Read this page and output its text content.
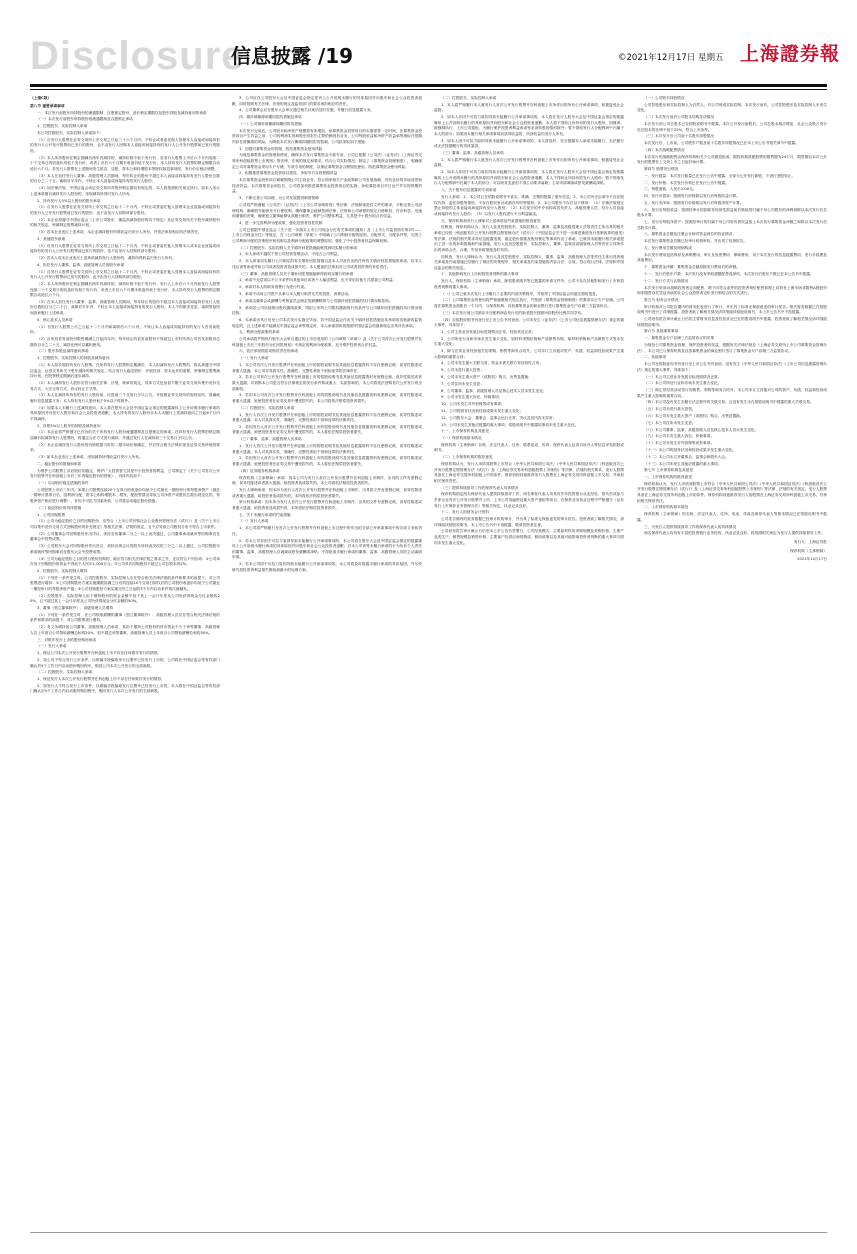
Disclosure
信息披露 /19	©2021年12月17日 星期五 上海證券報

（上接C版）

第八节 重要承诺事项

一、本次发行前股东所持股份的流通限制、自愿锁定股份、延长锁定期限以及股东持股及减持意向等承诺

（一）本次发行前股东所持股份的流通限制及自愿锁定承诺

1、控股股东、实际控制人承诺

本公司控股股东、实际控制人承诺如下：

（1）自发行人股票在证券交易所上市交易之日起三十六个月内，不转让或者委托他人管理本人直接或间接持有的发行人公开发行股票前已发行的股份，也不由发行人回购本人直接或间接持有的发行人公开发行股票前已发行的股份。

（2）本人所持股份在锁定期满后两年内减持的，减持价格不低于发行价；若发行人股票上市后六个月内连续二十个交易日的收盘价均低于发行价，或者上市后六个月期末收盘价低于发行价，本人持有发行人股票的锁定期限自动延长六个月。若发行人股票在上述期间发生派息、送股、资本公积转增股本等除权除息事项的，发行价应相应调整。

（3）本人在担任发行人董事、高级管理人员期间，每年转让的股份不超过本人直接或间接持有发行人股份总数的百分之二十五；离职后半年内，不转让本人直接或间接持有的发行人股份。

（4）如法律法规、中国证监会或证券交易所对股份锁定期另有规定的，本人将按照相关规定执行。如本人违反上述承诺擅自减持发行人股份的，违规减持所得归发行人所有。

2、持有发行人5%以上股份的股东承诺

（1）自发行人股票在证券交易所上市交易之日起十二个月内，不转让或者委托他人管理本企业直接或间接持有的发行人公开发行股票前已发行的股份，也不由发行人回购该部分股份。

（2）本企业将遵守中国证监会《上市公司股东、董监高减持股份的若干规定》及证券交易所关于股东减持股份的相关规定，审慎制定股票减持计划。

（3）若本企业违反上述承诺，本企业减持股份所得收益归发行人所有，并依法承担相应的法律责任。

3、其他股东承诺

（1）自发行人股票在证券交易所上市交易之日起十二个月内，不转让或者委托他人管理本人或本企业直接或间接持有的发行人公开发行股票前已发行的股份，也不由发行人回购该部分股份。

（2）若本人或本企业违反上述承诺减持发行人股份的，减持所得收益归发行人所有。

4、担任发行人董事、监事、高级管理人员的股东承诺

（1）自发行人股票在证券交易所上市交易之日起十二个月内，不转让或者委托他人管理本人直接或间接持有的发行人公开发行股票前已发行的股份，也不由发行人回购该部分股份。

（2）本人所持股份在锁定期满后两年内减持的，减持价格不低于发行价；发行人上市后六个月内如发行人股票连续二十个交易日的收盘价均低于发行价，或者上市后六个月期末收盘价低于发行价，本人持有发行人股票的锁定期限自动延长六个月。

（3）在本人担任发行人董事、监事、高级管理人员期间，每年转让的股份不超过本人直接或间接持有发行人股份总数的百分之二十五；离职后半年内，不转让本人直接或间接持有的发行人股份。本人不因职务变更、离职等原因而放弃履行上述承诺。

5、核心技术人员承诺

（1）自发行人股票上市之日起十二个月内和离职后六个月内，不转让本人直接或间接持有的发行人首发前股份。

（2）自所持首发前股份限售期满之日起四年内，每年转让的首发前股份不得超过上市时所持公司首发前股份总数的百分之二十五，减持比例可以累积使用。

（二）股东持股及减持意向承诺

1、控股股东、实际控制人的持股及减持意向

（1）本人拟长期持有发行人股票。在所持发行人股票锁定期满后，本人拟减持发行人股票的，将认真遵守中国证监会、证券交易所关于股东减持的相关规定，结合发行人稳定股价、开展经营、资本运作的需要，审慎制定股票减持计划，在股票锁定期满后逐步减持。

（2）本人减持发行人股份应符合相关法律、法规、规章的规定，具体方式包括但不限于证券交易所集中竞价交易方式、大宗交易方式、协议转让方式等。

（3）本人在减持所持有的发行人股份前，应提前三个交易日予以公告，并按照证券交易所的规则及时、准确地履行信息披露义务；本人持有发行人股份低于5%以下时除外。

（4）如果本人未履行上述减持意向，本人将在股东大会及中国证监会指定的披露媒体上公开说明未履行承诺的具体原因并向发行人股东和社会公众投资者道歉；本人持有的发行人股份自本人未履行上述减持意向之日起6个月内不得减持。

2、持股5%以上股东的持股及减持意向

（1）本企业将严格遵守已作出的关于所持发行人股份流通限制及自愿锁定的承诺，在持有发行人股票的锁定期届满后拟减持发行人股票的，将通过合法方式进行减持，并通过发行人在减持前三个交易日予以公告。

（2）本企业减持发行人股份的价格根据当时的二级市场价格确定，并应符合相关法律法规及证券交易所规则要求。

（3）如本企业违反上述承诺，违规减持所得收益归发行人所有。

二、稳定股价的措施和承诺

为维护公司股票上市后股价的稳定，保护广大投资者尤其是中小投资者的利益，公司制定了《关于公司首次公开发行股票并在科创板上市后三年内稳定股价的预案》，具体内容如下：

（一）启动股价稳定措施的条件

公司股票上市后三年内，如果公司股票连续20个交易日的收盘价均低于公司最近一期经审计的每股净资产（最近一期审计基准日后，因利润分配、资本公积转增股本、增发、配股等情况导致公司净资产或股份总数出现变化的，每股净资产相应进行调整），非因不可抗力因素所致，公司将启动稳定股价措施。

（二）稳定股价的具体措施

1、公司回购股票

（1）公司为稳定股价之目的回购股份，应符合《上市公司回购社会公众股份管理办法（试行）》及《关于上市公司以集中竞价交易方式回购股份的补充规定》等相关法律、法规的规定，且不应导致公司股权分布不符合上市条件。

（2）公司董事会对回购股份作出决议，须经全体董事二分之一以上表决通过，公司董事承诺就该等回购事宜在董事会中投赞成票。

（3）公司股东大会对回购股份作出决议，须经出席会议的股东所持表决权的三分之二以上通过，公司控股股东承诺就该等回购事宜在股东大会中投赞成票。

（4）公司为稳定股价之目的进行股份回购的，除应符合相关法律法规之要求之外，还应符合下列各项：①公司单次用于回购股份的资金不得低于人民币1,000万元；②公司单次回购股份不超过公司总股本的2%。

2、控股股东、实际控制人增持

（1）下列任一条件发生时，公司控股股东、实际控制人应在符合相关法律法规的条件和要求的前提下，对公司股票进行增持：①公司回购股份方案实施期限届满之日后的连续10个交易日除权后的公司股份收盘价均低于公司最近一期经审计的每股净资产值；②公司回购股份方案实施完毕之日起的3个月内启动条件再次被触发。

（2）控股股东、实际控制人用于增持股份的资金金额不低于其上一会计年度从公司所获得现金分红金额的20%，且不超过其上一会计年度从公司所获得现金分红金额的50%。

3、董事（独立董事除外）、高级管理人员增持

（1）下列任一条件发生时，在公司领取薪酬的董事（独立董事除外）、高级管理人员应在符合相关法律法规的条件和要求的前提下，对公司股票进行增持。

（2）有义务增持的公司董事、高级管理人员承诺，其用于增持公司股份的货币资金不少于该等董事、高级管理人员上年度自公司领取薪酬总和的20%，但不超过该等董事、高级管理人员上年度自公司领取薪酬总和的50%。

三、对欺诈发行上市的股份购回承诺

（一）发行人承诺

1、保证公司本次公开发行股票并在科创板上市不存在任何欺诈发行的情形。

2、如公司不符合发行上市条件，以欺骗手段骗取发行注册并已经发行上市的，公司将在中国证监会等有权部门确认后5个工作日内启动股份购回程序，购回公司本次公开发行的全部新股。

（二）控股股东、实际控制人承诺

1、保证发行人本次公开发行股票并在科创板上市不存在任何欺诈发行的情形。

2、如发行人不符合发行上市条件，以欺骗手段骗取发行注册并已经发行上市的，本人将在中国证监会等有权部门确认后5个工作日内启动股份购回程序，购回发行人本次公开发行的全部新股。

3、公司应在公司股东大会及中国证监会指定报刊上公开说明未履行的具体原因并向股东和社会公众投资者道歉，同时按照有关法律、法规的规定及监管部门的要求承担相应的责任。

4、公司董事会应在股东大会审议通过相关议案后及时实施，并履行信息披露义务。

四、填补被摊薄即期回报的措施及承诺

（一）公司填补被摊薄即期回报的措施

本次发行完成后，公司股本和净资产规模将有所增加，而募集资金投资项目的实施需要一定时间，在募集资金投资项目产生效益之前，公司的利润实现和股东回报仍主要依赖现有业务，公司每股收益和净资产收益率等指标在短期内存在被摊薄的风险。为降低本次发行摊薄即期回报的影响，公司拟采取如下措施：

1、加强对募集资金的管理，防范募集资金使用风险

为规范募集资金的管理和使用，确保本次发行募集资金专款专用，公司已根据《公司法》《证券法》《上海证券交易所科创板股票上市规则》等法律、法规的规定和要求，结合公司实际情况，制定了《募集资金管理制度》，明确规定公司对募集资金采用专户专储、专款专用的制度，以保证募集资金合理规范使用，防范募集资金使用风险。

2、积极推进募集资金投资项目建设，争取早日实现预期效益

本次募集资金投资项目紧紧围绕公司主营业务，符合国家相关产业政策和公司发展战略，具有良好的市场前景和经济效益。本次募集资金到位后，公司将加快推进募集资金投资项目的实施，争取募投项目早日达产并实现预期效益。

3、不断完善公司治理，为公司发展提供制度保障

公司将严格遵循《公司法》《证券法》《上市公司治理准则》等法律、法规和规范性文件的要求，不断完善公司治理结构，确保股东能够充分行使权利，确保董事会能够按照法律、法规和公司章程的规定行使职权、作出科学、迅速和谨慎的决策，确保独立董事能够认真履行职责，维护公司整体利益，尤其是中小股东的合法权益。

4、进一步完善利润分配政策，强化投资者回报机制

公司已根据中国证监会《关于进一步落实上市公司现金分红有关事项的通知》及《上市公司监管指引第3号——上市公司现金分红》等规定，在《公司章程（草案）》中明确了公司利润分配的原则、分配形式、分配条件等，完善了公司利润分配的决策程序和机制以及利润分配政策的调整原则，强化了中小投资者权益保障机制。

（二）控股股东、实际控制人关于填补回报措施能够得到切实履行的承诺

1、本人承诺不越权干预公司经营管理活动，不侵占公司利益。

2、本人承诺切实履行公司制定的有关填补回报措施以及本人对此作出的任何有关填补回报措施的承诺，若本人违反该等承诺并给公司或者投资者造成损失的，本人愿意依法承担对公司或者投资者的补偿责任。

（三）董事、高级管理人员关于填补回报措施能够得到切实履行的承诺

1、承诺不无偿或以不公平条件向其他单位或者个人输送利益，也不采用其他方式损害公司利益。

2、承诺对本人的职务消费行为进行约束。

3、承诺不动用公司资产从事与本人履行职责无关的投资、消费活动。

4、承诺由董事会或薪酬与考核委员会制定的薪酬制度与公司填补回报措施的执行情况相挂钩。

5、承诺若公司后续推出股权激励政策，则拟公布的公司股权激励的行权条件与公司填补回报措施的执行情况相挂钩。

6、本承诺出具日后至公司本次发行实施完毕前，若中国证监会作出关于填补回报措施及其承诺的其他新的监管规定的，且上述承诺不能满足中国证监会该等规定时，本人承诺届时将按照中国证监会的最新规定出具补充承诺。

五、利润分配政策的承诺

公司承诺将严格执行股东大会审议通过的上市后适用的《公司章程（草案）》及《关于公司首次公开发行股票并在科创板上市后三年股东分红回报规划》中规定的利润分配政策，充分维护投资者合法权益。

六、依法承担赔偿或赔偿责任的承诺

（一）发行人承诺

1、本公司首次公开发行股票并在科创板上市的招股说明书及其他信息披露资料不存在虚假记载、误导性陈述或者重大遗漏，本公司对其真实性、准确性、完整性承担个别和连带的法律责任。

2、若本公司首次公开发行股票并在科创板上市的招股说明书及其他信息披露资料有虚假记载、误导性陈述或者重大遗漏，对判断本公司是否符合法律规定的发行条件构成重大、实质影响的，本公司将依法回购首次公开发行的全部新股。

3、若因本公司首次公开发行股票并在科创板上市的招股说明书及其他信息披露资料有虚假记载、误导性陈述或者重大遗漏，致使投资者在证券交易中遭受损失的，本公司将依法赔偿投资者损失。

（二）控股股东、实际控制人承诺

1、发行人首次公开发行股票并在科创板上市的招股说明书及其他信息披露资料不存在虚假记载、误导性陈述或者重大遗漏，本人对其真实性、准确性、完整性承担个别和连带的法律责任。

2、若因发行人首次公开发行股票并在科创板上市的招股说明书及其他信息披露资料有虚假记载、误导性陈述或者重大遗漏，致使投资者在证券交易中遭受损失的，本人将依法赔偿投资者损失。

（三）董事、监事、高级管理人员承诺

1、发行人首次公开发行股票并在科创板上市的招股说明书及其他信息披露资料不存在虚假记载、误导性陈述或者重大遗漏，本人对其真实性、准确性、完整性承担个别和连带的法律责任。

2、若因发行人首次公开发行股票并在科创板上市的招股说明书及其他信息披露资料有虚假记载、误导性陈述或者重大遗漏，致使投资者在证券交易中遭受损失的，本人将依法赔偿投资者损失。

（四）证券服务机构承诺

保荐机构（主承销商）承诺：因本公司为发行人首次公开发行股票并在科创板上市制作、出具的文件有虚假记载、误导性陈述或者重大遗漏，给投资者造成损失的，本公司将依法赔偿投资者损失。

发行人律师承诺：因本所为发行人首次公开发行股票并在科创板上市制作、出具的文件有虚假记载、误导性陈述或者重大遗漏，给投资者造成损失的，本所将依法赔偿投资者损失。

审计机构承诺：因本所为发行人首次公开发行股票并在科创板上市制作、出具的文件有虚假记载、误导性陈述或者重大遗漏，给投资者造成损失的，本所将依法赔偿投资者损失。

七、关于未履行承诺的约束措施

（一）发行人承诺

1、本公司将严格履行在首次公开发行股票并在科创板上市过程中所作出的全部公开承诺事项中的各项义务和责任。

2、若本公司非因不可抗力原因导致未能履行公开承诺事项的，本公司将在股东大会及中国证监会指定的披露媒体上公开说明未履行承诺的具体原因并向股东和社会公众投资者道歉；对本公司该等未履行承诺的行为负有个人责任的董事、监事、高级管理人员调减或停发薪酬或津贴；不得批准未履行承诺的董事、监事、高级管理人员的主动离职申请。

3、若本公司因不可抗力原因导致未能履行公开承诺事项的，本公司将及时披露未履行承诺的具体原因，并尽快研究将投资者利益损失降低到最小的处理方案。

（二）控股股东、实际控制人承诺

1、本人将严格履行本人就发行人首次公开发行股票并在科创板上市所作出的所有公开承诺事项，积极接受社会监督。

2、如本人非因不可抗力原因导致未能履行公开承诺事项的，本人将在发行人股东大会及中国证监会指定的披露媒体上公开说明未履行的具体原因并向股东和社会公众投资者道歉；本人将不得转让所持有的发行人股份，因继承、被强制执行、上市公司重组、为履行保护投资者利益承诺等必须转股的情形除外；暂不领取发行人分配利润中归属于本人的部分；如果因未履行相关承诺事项而获得收益的，所获收益归发行人所有。

3、如本人因不可抗力原因导致未能履行公开承诺事项的，本人将及时、充分披露本人承诺未能履行、无法履行或无法按期履行的具体原因。

（三）董事、监事、高级管理人员承诺

1、本人将严格履行本人就发行人首次公开发行股票并在科创板上市所作出的所有公开承诺事项，积极接受社会监督。

2、如本人非因不可抗力原因导致未能履行公开承诺事项的，本人将在发行人股东大会及中国证监会指定的披露媒体上公开说明未履行的具体原因并向股东和社会公众投资者道歉；本人不得转让所持有的发行人股份；暂不领取发行人分配利润中归属于本人的部分；可以职务变更但不得主动要求离职；主动申请调减或停发薪酬或津贴。

八、关于股东信息披露的专项承诺

发行人承诺：1、本公司已在招股说明书中真实、准确、完整的披露了股东信息；2、本公司历史沿革中不存在股权代持、委托持股等情形，不存在股权争议或潜在纠纷等情形；3、本公司股东不存在以下情形：（1）法律法规规定禁止持股的主体直接或间接持有发行人股份；（2）本次发行的中介机构或其负责人、高级管理人员、经办人员直接或间接持有发行人股份；（3）以发行人股权进行不当利益输送。

九、保荐机构和发行人律师对上述承诺及约束措施的核查意见

经核查，保荐机构认为，发行人及其控股股东、实际控制人、董事、监事及高级管理人员等责任主体出具的相关承诺已经按《科创板首次公开发行股票注册管理办法（试行）》《中国证监会关于进一步推进新股发行体制改革的意见》等法律、法规的相关要求对信息披露违规、稳定股价措施及股份锁定等事项作出了承诺，已就其未能履行相关承诺提出了进一步的补救措施和约束措施。发行人及其控股股东、实际控制人、董事、监事及高级管理人员等责任主体所作出的承诺合法、合理，失信补救措施及时有效。

经核查，发行人律师认为，发行人及其控股股东、实际控制人、董事、监事、高级管理人员等责任主体出具的相关承诺及约束措施已经履行了相应的决策程序，相关承诺及约束措施的内容合法、合规，符合现行法律、法规和中国证监会的相关规定。

十、其他影响发行上市和投资者判断的重大事项

发行人、保荐机构（主承销商）承诺，除招股说明书等已披露的申请文件外，公司不存在其他影响发行上市和投资者判断的重大事项。

（一）公司已就本次发行上市履行了必要的内部决策程序，并取得了中国证监会同意注册的批复。

（二）公司募集资金的使用将严格遵照相关规定执行，并按照《募集资金管理制度》的要求实行专户存储。公司将在募集资金到账后一个月内，与保荐机构、存放募集资金的商业银行签订募集资金专户存储三方监管协议。

（三）本次发行前公司滚存未分配利润由发行后的新老股东按照所持股份比例共同享有。

（四）自招股说明书刊登日至上市公告书刊登前，公司未发生《证券法》《上市公司信息披露管理办法》规定的重大事件，具体如下：

1、公司主营业务发展目标进展情况正常，经营状况正常；

2、公司所处行业和市场未发生重大变化，原材料采购价格和产品销售价格、原材料采购和产品销售方式等未发生重大变化；

3、除与正常业务经营相关的采购、销售等商务合同外，公司未订立其他对资产、负债、权益和经营成果产生重大影响的重要合同；

4、公司未发生重大关联交易，资金未被关联方非经营性占用；

5、公司未进行重大投资；

6、公司未发生重大资产（或股权）购买、出售及置换；

7、公司住所未发生变更；

8、公司董事、监事、高级管理人员及核心技术人员未发生变化；

9、公司未发生重大诉讼、仲裁事项；

10、公司未发生对外担保等或有事项；

11、公司的财务状况和经营成果未发生重大变化；

12、公司股东大会、董事会、监事会运行正常，决议及其内容无异常；

13、公司未发生其他应披露的重大事项，招股说明书中披露的事项未发生重大变化。

十一、上市保荐机构及其意见

（一）保荐机构基本情况

保荐机构（主承销商）名称、法定代表人、住所、联系电话、传真、保荐代表人及项目协办人等信息详见招股说明书。

（二）上市保荐机构的推荐意见

保荐机构认为，发行人申请其股票上市符合《中华人民共和国公司法》《中华人民共和国证券法》《科创板首次公开发行股票注册管理办法（试行）》及《上海证券交易所科创板股票上市规则》等法律、法规的相关要求，发行人股票具备在上海证券交易所科创板上市的条件。保荐机构同意推荐发行人股票在上海证券交易所科创板上市交易，并承担相关保荐责任。

（三）提供持续督导工作的保荐代表人具体情况

保荐机构指定两名保荐代表人提供持续督导工作，两名保荐代表人均具有多年投资银行从业经验，曾负责或参与多家企业首次公开发行股票并上市、上市公司再融资及重大资产重组等项目，在保荐业务执业过程中严格遵守《证券发行上市保荐业务管理办法》等相关规定，执业记录良好。

十二、发行人的财务会计资料

公司报告期内的财务数据已经审计机构审计，并出具了标准无保留意见的审计报告。投资者欲了解相关情况，请详细阅读招股说明书，本上市公告书中不再披露，敬请投资者注意。

公司财务报告审计截止日后至本上市公告书签署日，公司经营模式、主要原材料的采购规模及采购价格、主要产品的生产、销售规模及销售价格、主要客户及供应商的构成、税收政策以及其他可能影响投资者判断的重大事项方面均未发生重大变化。

（一）公司股东持股情况

公司控股股东和实际控制人为自然人，对公司形成实际控制。本次发行前后，公司控股股东及实际控制人未发生变化。

（二）本次发行前后公司股本结构变动情况

本次发行前公司总股本已在招股说明书中披露。本次公开发行新股后，公司总股本相应增加，社会公众股占发行后总股本的比例不低于25%，符合上市条件。

（三）本次发行后公司前十名股东持股情况

本次发行后、上市前，公司股东户数及前十名股东持股情况已在本上市公告书相关章节中披露。

（四）本次战略配售情况

本次发行的战略配售由保荐机构相关子公司跟投组成，跟投机构获配股票的限售期为24个月，限售期自本次公开发行的股票在上交所上市之日起开始计算。

第四节 股票发行情况

一、发行数量：本次发行数量已在发行公告中披露，全部为公开发行新股，不进行老股转让。

二、发行价格：本次发行价格已在发行公告中披露。

三、每股面值：人民币1.00元。

四、发行市盈率：按照发行价格除以发行后每股收益计算。

五、发行市净率：按照发行价格除以发行后每股净资产计算。

六、发行后每股收益：按照经审计的扣除非经常性损益前后孰低的归属于母公司股东的净利润除以本次发行后总股本计算。

七、发行后每股净资产：按照经审计的归属于母公司所有者权益加上本次发行募集资金净额之和除以本次发行后总股本计算。

八、募集资金总额及注册会计师对资金到位的验证情况

本次发行募集资金总额已经审计机构审验，并出具了验资报告。

九、发行费用总额及明细构成

本次发行费用包括保荐及承销费用、审计及验资费用、律师费用、用于本次发行的信息披露费用、发行手续费及其他费用。

十、募集资金净额：募集资金总额扣除发行费用后的净额。

十一、发行后股东户数：本次发行没有采取超额配售选择权，本次发行后股东户数已在本公告书中披露。

十二、发行方式与认购情况

本次发行采用向战略投资者定向配售、网下向符合条件的投资者询价配售和网上向持有上海市场非限售A股股份和非限售存托凭证市值的社会公众投资者定价发行相结合的方式进行。

第五节 财务会计情况

审计机构对公司报告期内的财务报表进行了审计，并出具了标准无保留意见的审计报告。相关财务数据已在招股说明书中进行了详细披露，投资者欲了解相关情况请详细阅读招股说明书，本上市公告书中不再披露。

公司财务报告审计截止日后的主要财务信息及经营状况已在招股说明书中披露，投资者欲了解相关情况请详细阅读招股说明书。

第六节 其他重要事项

一、募集资金专户存储三方监管协议的安排

为规范公司募集资金管理，保护投资者的权益，根据有关法律法规及《上海证券交易所上市公司募集资金管理办法》，本公司已与保荐机构及存放募集资金的商业银行签订了募集资金专户存储三方监管协议。

二、其他事项

本公司在招股意向书刊登日至上市公告书刊登前，没有发生《中华人民共和国证券法》《上市公司信息披露管理办法》规定的重大事件，具体如下：

（一）本公司主营业务发展目标进展情况正常。

（二）本公司所处行业和市场未发生重大变化。

（三）除正常经营活动签订的销售、采购等商务合同外，本公司未订立其他对公司的资产、负债、权益和经营成果产生重大影响的重要合同。

（四）本公司没有发生未履行法定程序的关联交易，且没有发生未在招股说明书中披露的重大关联交易。

（五）本公司未进行重大投资。

（六）本公司未发生重大资产（或股权）购买、出售及置换。

（七）本公司住所未发生变更。

（八）本公司董事、监事、高级管理人员及核心技术人员未发生变化。

（九）本公司未发生重大诉讼、仲裁事项。

（十）本公司未发生对外担保等或有事项。

（十一）本公司的财务状况和经营成果未发生重大变化。

（十二）本公司未召开董事会、监事会和股东大会。

（十三）本公司未发生其他应披露的重大事项。

第七节 上市保荐机构及其意见

一、上市保荐机构的推荐意见

保荐机构认为，发行人申请其股票上市符合《中华人民共和国公司法》《中华人民共和国证券法》《科创板首次公开发行股票注册管理办法（试行）》及《上海证券交易所科创板股票上市规则》等法律、法规的有关规定，发行人股票具备在上海证券交易所科创板上市的条件。保荐机构同意推荐发行人的股票在上海证券交易所科创板上市交易，并承担相关保荐责任。

二、上市保荐机构基本情况

保荐机构（主承销商）的名称、法定代表人、住所、电话、传真及保荐代表人等基本情况已在招股说明书中披露。

三、为发行人提供持续督导工作的保荐代表人的具体情况

两名保荐代表人均具有丰富的投资银行业务经验，执业记录良好，将按照相关规定为发行人提供持续督导工作。

发行人：上海证券报

保荐机构（主承销商）

2021年12月17日
